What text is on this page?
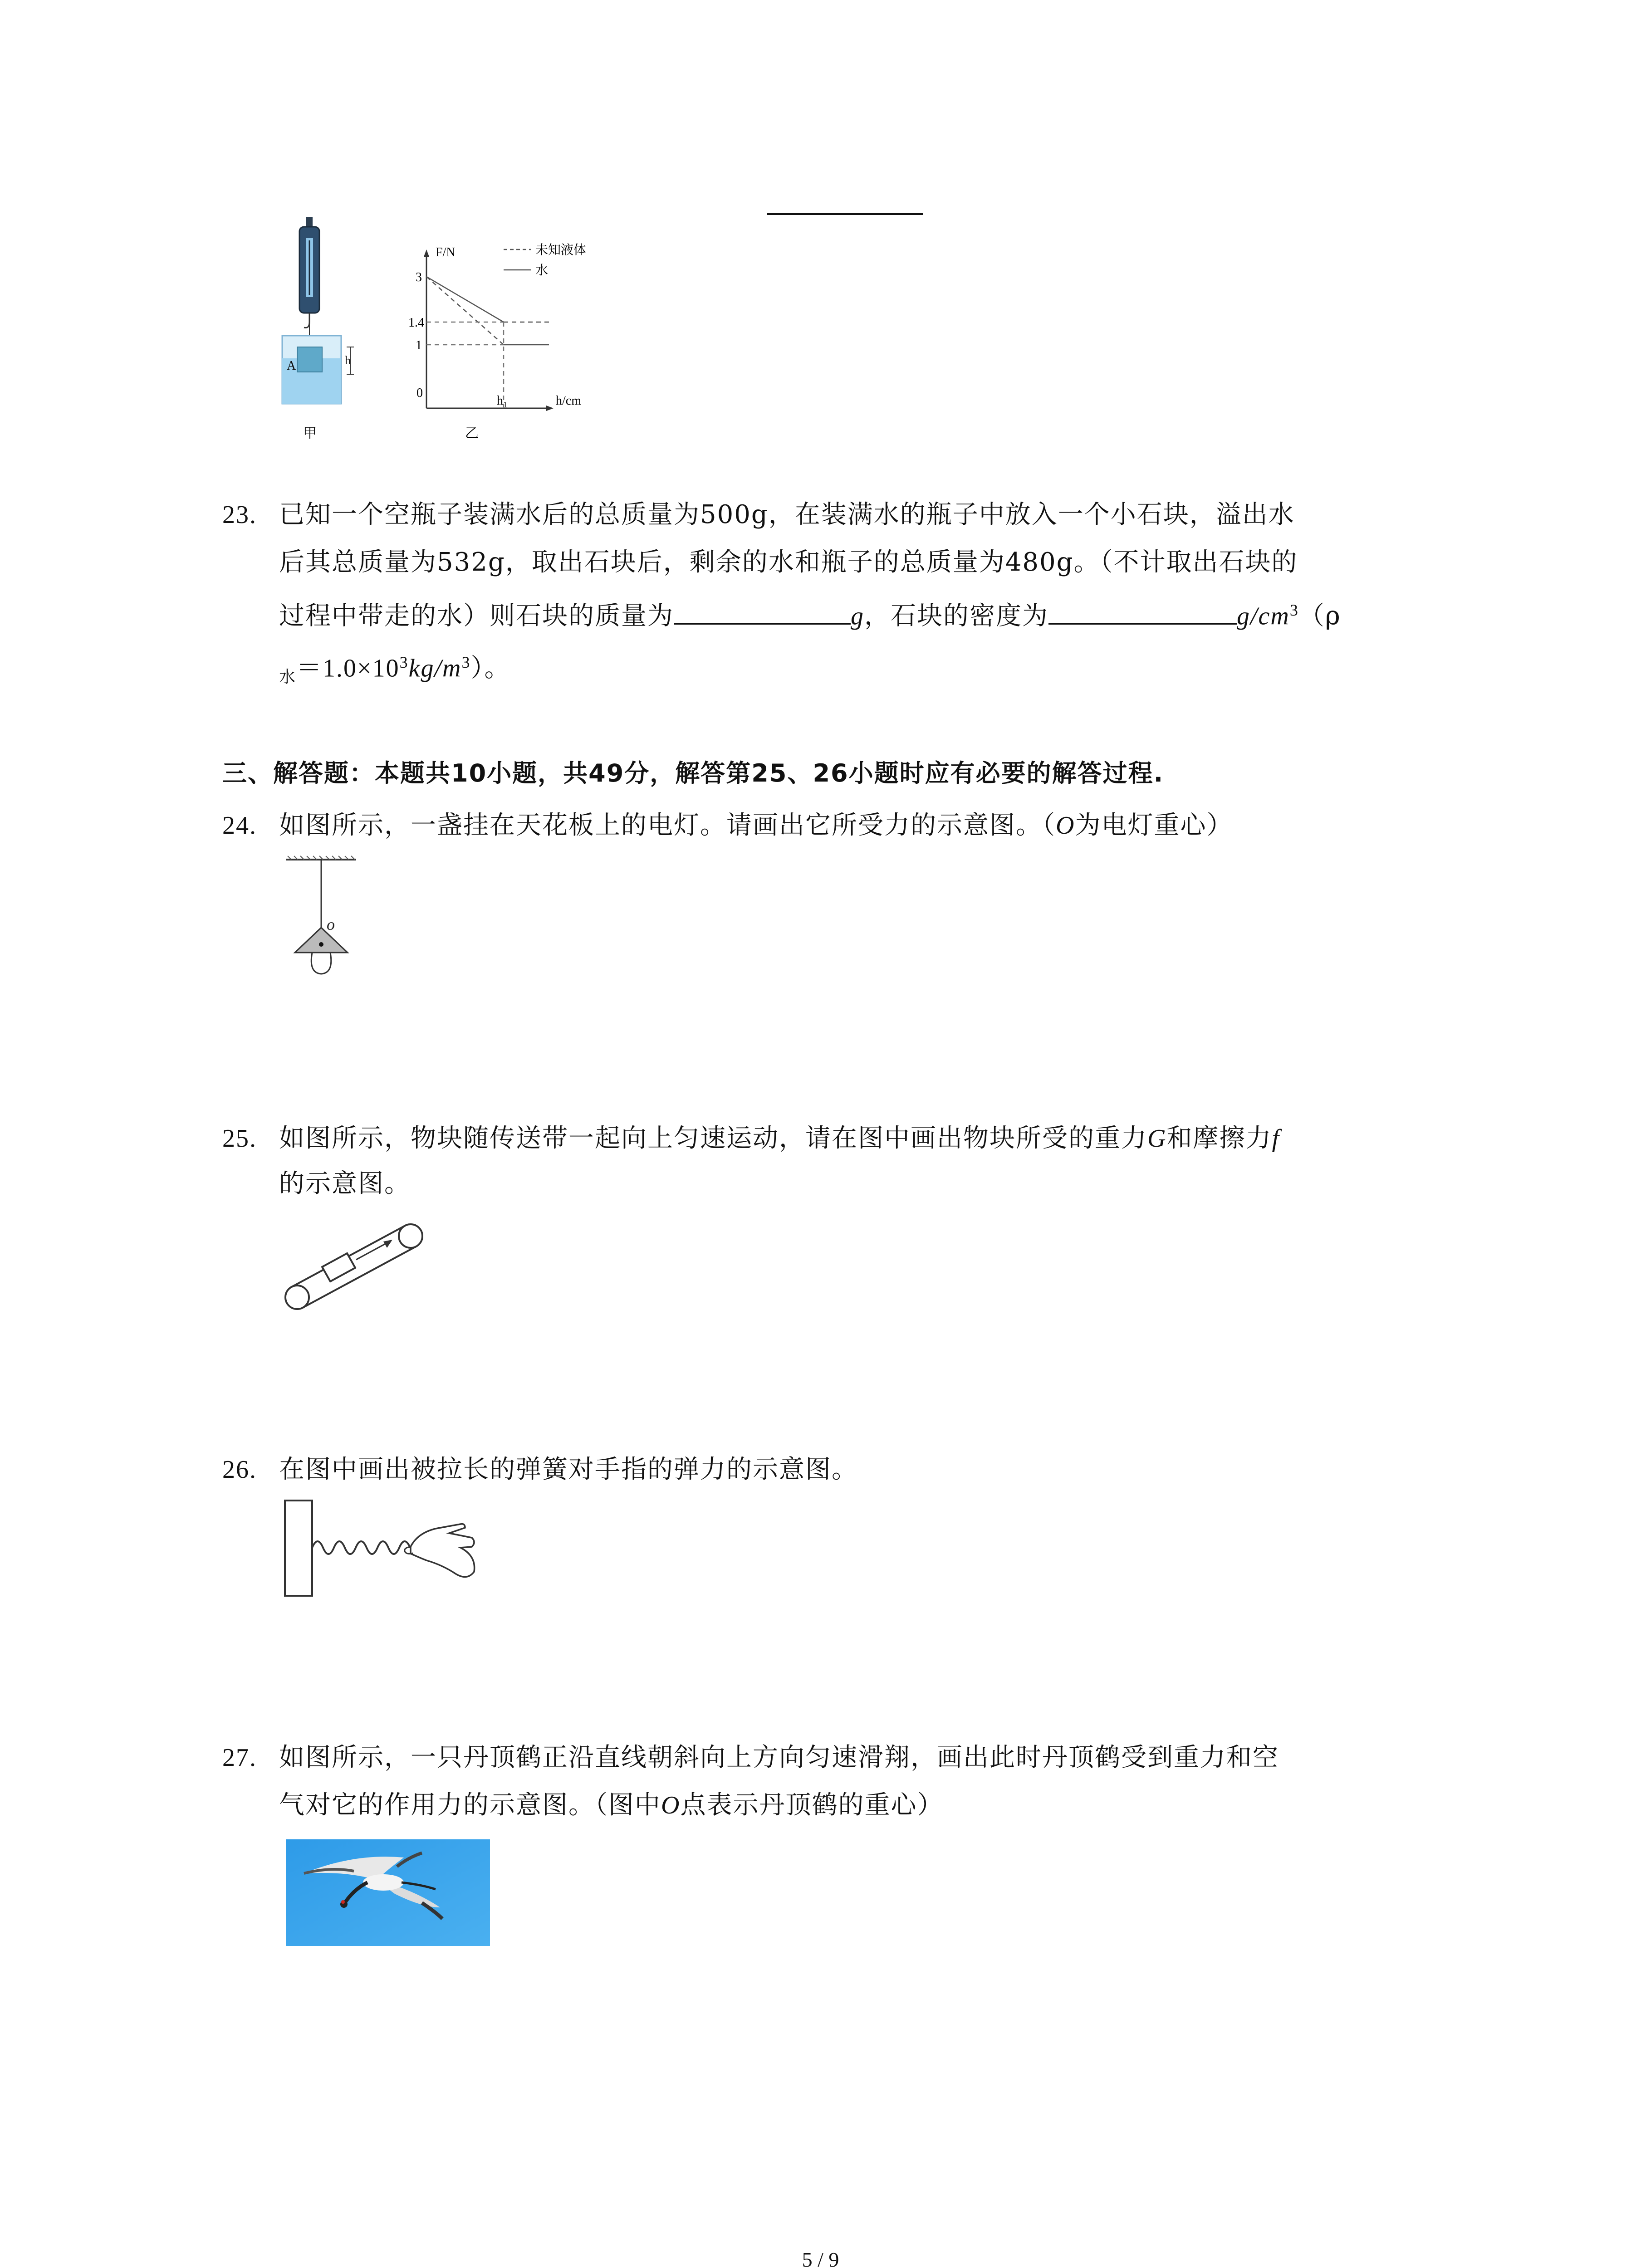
A	h
甲
F/N
h/cm
0
3
1.4
1
$h_1$
未知液体
水
乙
23. 已知一个空瓶子装满水后的总质量为500g，在装满水的瓶子中放入一个小石块，溢出水
后其总质量为532g，取出石块后，剩余的水和瓶子的总质量为480g。（不计取出石块的
过程中带走的水）则石块的质量为	g，石块的密度为	$g/cm^3(\rho$
$_水=1.0\times 10^3kg/m^3$）。
三、解答题：本题共10小题，共49分，解答第25、26小题时应有必要的解答过程.
24. 如图所示，一盏挂在天花板上的电灯。请画出它所受力的示意图。（O为电灯重心）
o
25. 如图所示，物块随传送带一起向上匀速运动，请在图中画出物块所受的重力G和摩擦力f
的示意图。
26. 在图中画出被拉长的弹簧对手指的弹力的示意图。
27. 如图所示，一只丹顶鹤正沿直线朝斜向上方向匀速滑翔，画出此时丹顶鹤受到重力和空
气对它的作用力的示意图。（图中O点表示丹顶鹤的重心）
5 / 9
